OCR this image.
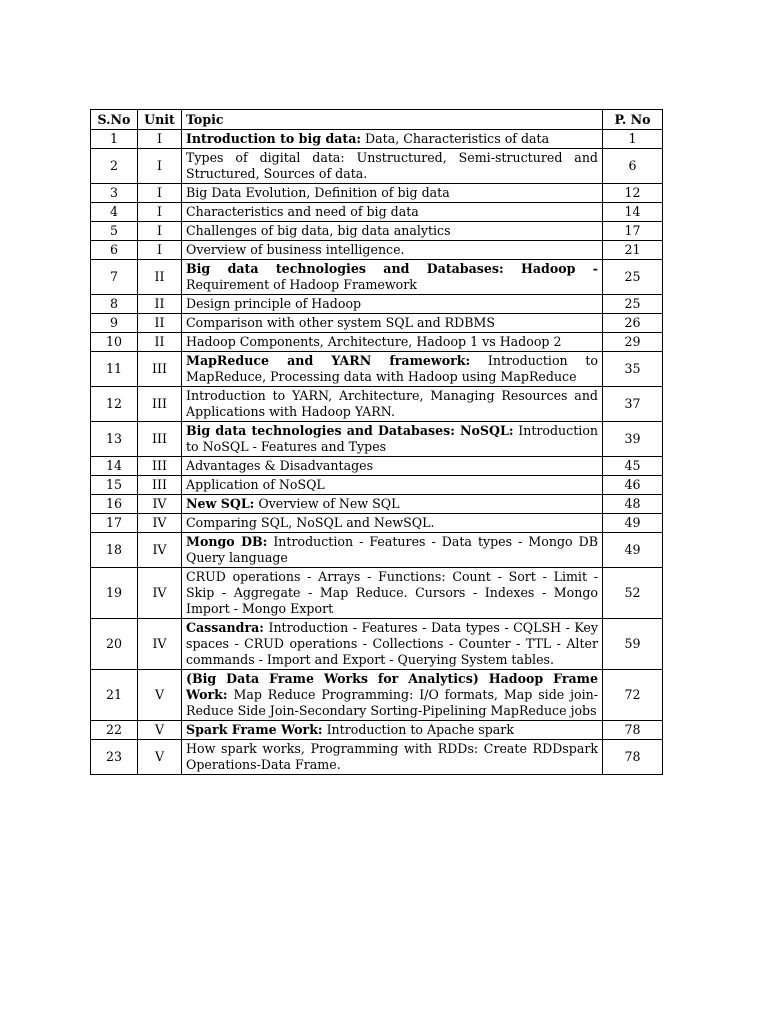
S.No	Unit	Topic	P. No
1	I	Introduction to big data: Data, Characteristics of data	1
2	I	Types of digital data: Unstructured, Semi-structured and Structured, Sources of data.	6
3	I	Big Data Evolution, Definition of big data	12
4	I	Characteristics and need of big data	14
5	I	Challenges of big data, big data analytics	17
6	I	Overview of business intelligence.	21
7	II	Big data technologies and Databases: Hadoop - Requirement of Hadoop Framework	25
8	II	Design principle of Hadoop	25
9	II	Comparison with other system SQL and RDBMS	26
10	II	Hadoop Components, Architecture, Hadoop 1 vs Hadoop 2	29
11	III	MapReduce and YARN framework: Introduction to MapReduce, Processing data with Hadoop using MapReduce	35
12	III	Introduction to YARN, Architecture, Managing Resources and Applications with Hadoop YARN.	37
13	III	Big data technologies and Databases: NoSQL: Introduction to NoSQL - Features and Types	39
14	III	Advantages & Disadvantages	45
15	III	Application of NoSQL	46
16	IV	New SQL: Overview of New SQL	48
17	IV	Comparing SQL, NoSQL and NewSQL.	49
18	IV	Mongo DB: Introduction - Features - Data types - Mongo DB Query language	49
19	IV	CRUD operations - Arrays - Functions: Count - Sort - Limit - Skip - Aggregate - Map Reduce. Cursors - Indexes - Mongo Import - Mongo Export	52
20	IV	Cassandra: Introduction - Features - Data types - CQLSH - Key spaces - CRUD operations - Collections - Counter - TTL - Alter commands - Import and Export - Querying System tables.	59
21	V	(Big Data Frame Works for Analytics) Hadoop Frame Work: Map Reduce Programming: I/O formats, Map side join-Reduce Side Join-Secondary Sorting-Pipelining MapReduce jobs	72
22	V	Spark Frame Work: Introduction to Apache spark	78
23	V	How spark works, Programming with RDDs: Create RDDspark Operations-Data Frame.	78
